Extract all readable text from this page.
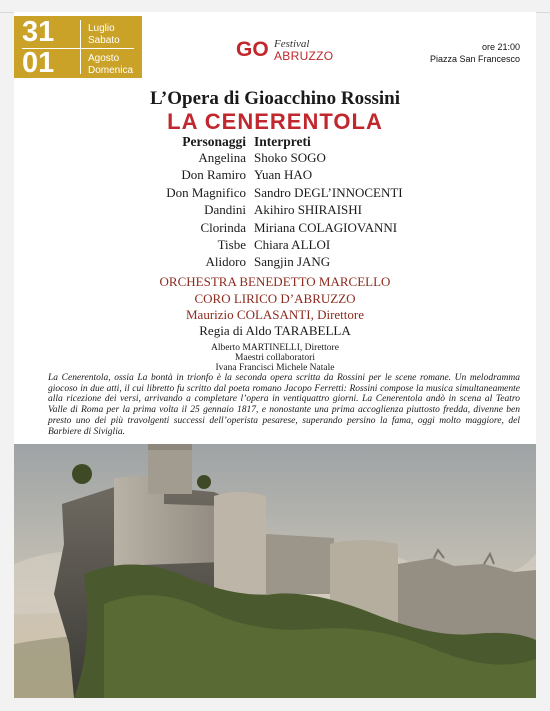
31
01
Luglio
Sabato
Agosto
Domenica
GO Festival
ABRUZZO
ore 21:00
Piazza San Francesco
L’Opera di Gioacchino Rossini
LA CENERENTOLA
Personaggi Interpreti
Angelina Shoko SOGO
Don Ramiro Yuan HAO
Don Magnifico Sandro DEGL’INNOCENTI
Dandini Akihiro SHIRAISHI
Clorinda Miriana COLAGIOVANNI
Tisbe Chiara ALLOI
Alidoro Sangjin JANG
ORCHESTRA BENEDETTO MARCELLO
CORO LIRICO D’ABRUZZO
Maurizio COLASANTI, Direttore
Regia di Aldo TARABELLA
Alberto MARTINELLI, Direttore
Maestri collaboratori
Ivana Francisci Michele Natale
La Cenerentola, ossia La bontà in trionfo è la seconda opera scritta da Rossini per le scene romane. Un melodramma giocoso in due atti, il cui libretto fu scritto dal poeta romano Jacopo Ferretti: Rossini compose la musica simultaneamente alla ricezione dei versi, arrivando a completare l’opera in ventiquattro giorni. La Cenerentola andò in scena al Teatro Valle di Roma per la prima volta il 25 gennaio 1817, e nonostante una prima accoglienza piuttosto fredda, divenne ben presto uno dei più travolgenti successi dell’operista pesarese, superando persino la fama, oggi molto maggiore, del Barbiere di Siviglia.
